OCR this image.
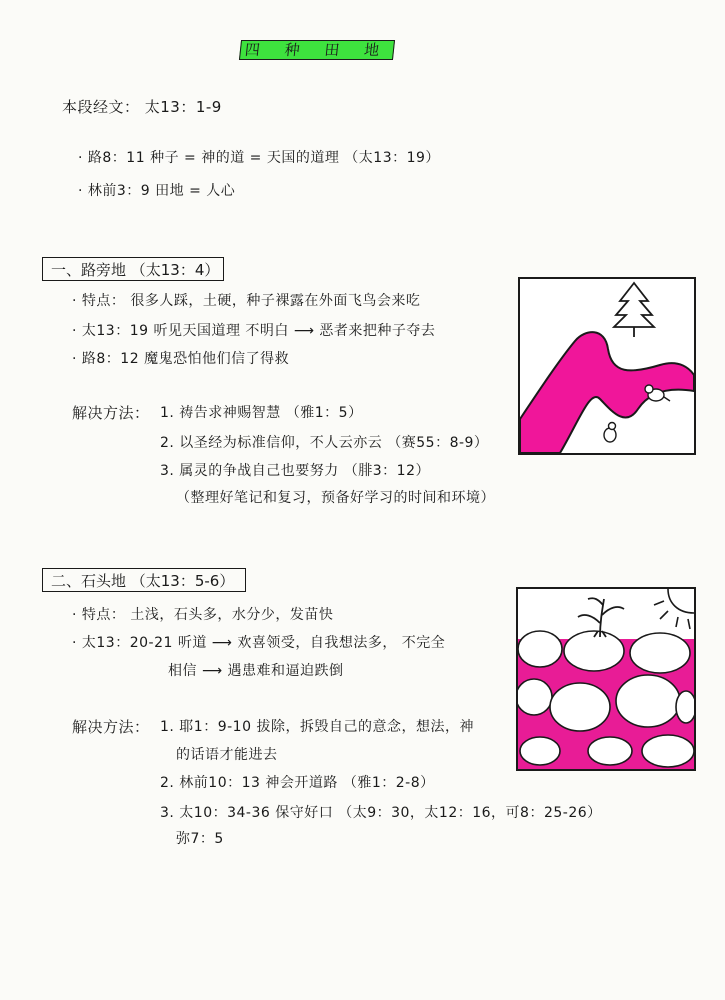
四 种 田 地
本段经文： 太13：1-9
· 路8：11 种子 = 神的道 = 天国的道理 （太13：19）
· 林前3：9 田地 = 人心
一、路旁地 （太13：4）
· 特点： 很多人踩，土硬，种子裸露在外面飞鸟会来吃
· 太13：19 听见天国道理 不明白 ⟶ 恶者来把种子夺去
· 路8：12 魔鬼恐怕他们信了得救
解决方法： 1. 祷告求神赐智慧 （雅1：5）
2. 以圣经为标准信仰，不人云亦云 （赛55：8-9）
3. 属灵的争战自己也要努力 （腓3：12）
（整理好笔记和复习，预备好学习的时间和环境）
二、石头地 （太13：5-6）
· 特点： 土浅，石头多，水分少，发苗快
· 太13：20-21 听道 ⟶ 欢喜领受，自我想法多， 不完全
相信 ⟶ 遇患难和逼迫跌倒
解决方法： 1. 耶1：9-10 拔除，拆毁自己的意念，想法，神
的话语才能进去
2. 林前10：13 神会开道路 （雅1：2-8）
3. 太10：34-36 保守好口 （太9：30，太12：16，可8：25-26）
弥7：5
